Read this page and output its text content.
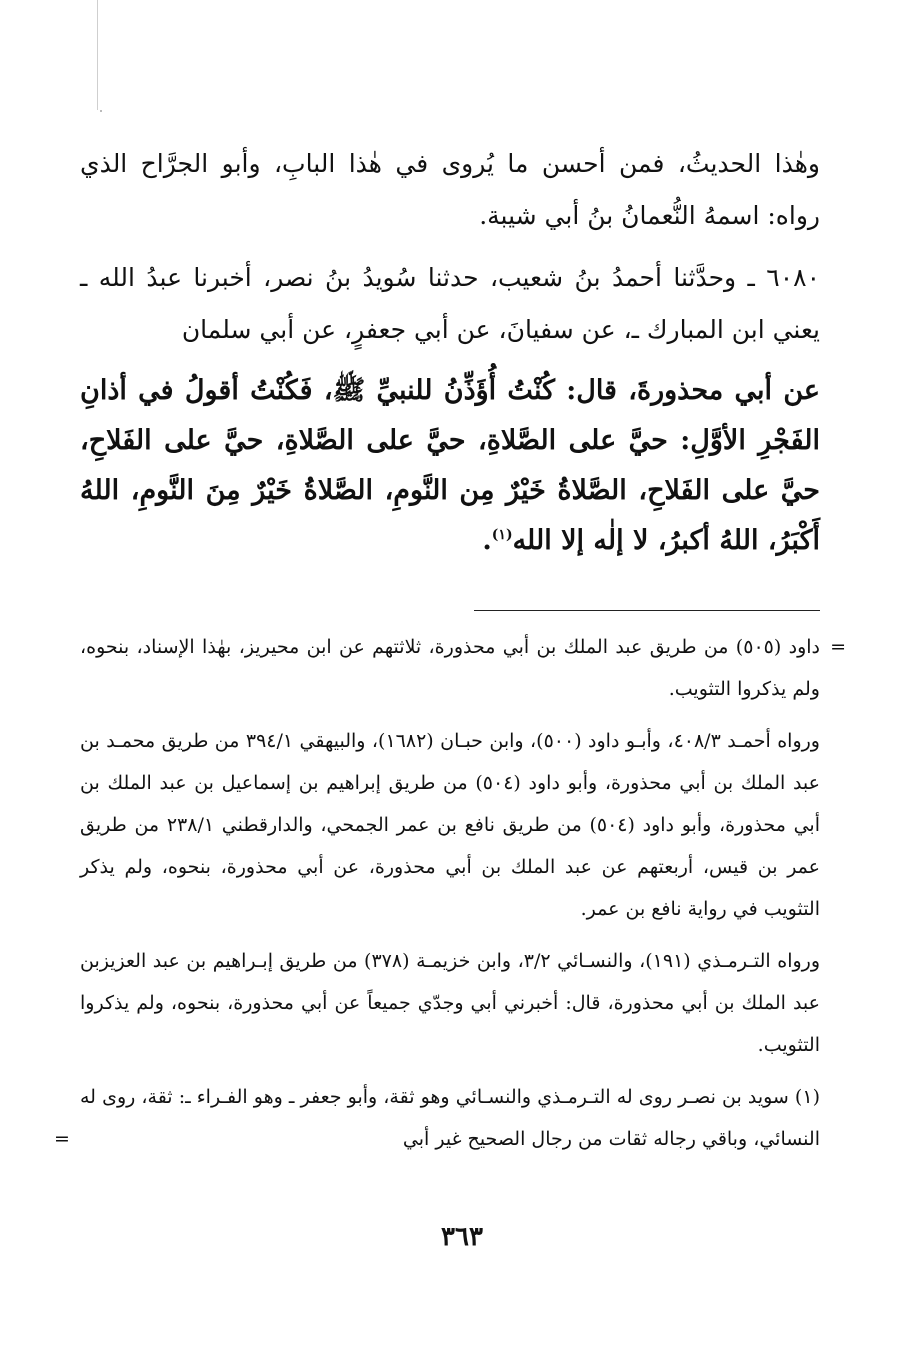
وهٰذا الحديثُ، فمن أحسن ما يُروى في هٰذا البابِ، وأبو الجرَّاح الذي رواه: اسمهُ النُّعمانُ بنُ أبي شيبة.

٦٠٨٠ ـ وحدَّثنا أحمدُ بنُ شعيب، حدثنا سُويدُ بنُ نصر، أخبرنا عبدُ الله ـ يعني ابن المبارك ـ، عن سفيانَ، عن أبي جعفرٍ، عن أبي سلمان

عن أبي محذورةَ، قال: كُنْتُ أُؤَذِّنُ للنبيِّ ﷺ، فَكُنْتُ أقولُ في أذانِ الفَجْرِ الأوَّلِ: حيَّ على الصَّلاةِ، حيَّ على الصَّلاةِ، حيَّ على الفَلاحِ، حيَّ على الفَلاحِ، الصَّلاةُ خَيْرٌ مِن النَّومِ، الصَّلاةُ خَيْرٌ مِنَ النَّومِ، اللهُ أَكْبَرُ، اللهُ أكبرُ، لا إلٰه إلا الله$^{(١)}$.

=
داود (٥٠٥) من طريق عبد الملك بن أبي محذورة، ثلاثتهم عن ابن محيريز، بهٰذا الإسناد، بنحوه، ولم يذكروا التثويب.

ورواه أحمـد ٤٠٨/٣، وأبـو داود (٥٠٠)، وابن حبـان (١٦٨٢)، والبيهقي ٣٩٤/١ من طريق محمـد بن عبد الملك بن أبي محذورة، وأبو داود (٥٠٤) من طريق إبراهيم بن إسماعيل بن عبد الملك بن أبي محذورة، وأبو داود (٥٠٤) من طريق نافع بن عمر الجمحي، والدارقطني ٢٣٨/١ من طريق عمر بن قيس، أربعتهم عن عبد الملك بن أبي محذورة، عن أبي محذورة، بنحوه، ولم يذكر التثويب في رواية نافع بن عمر.

ورواه التـرمـذي (١٩١)، والنسـائي ٣/٢، وابن خزيمـة (٣٧٨) من طريق إبـراهيم بن عبد العزيزبن عبد الملك بن أبي محذورة، قال: أخبرني أبي وجدّي جميعاً عن أبي محذورة، بنحوه، ولم يذكروا التثويب.

(١) سويد بن نصـر روى له التـرمـذي والنسـائي وهو ثقة، وأبو جعفر ـ وهو الفـراء ـ: ثقة، روى له النسائي، وباقي رجاله ثقات من رجال الصحيح غير أبي
=

٣٦٣
